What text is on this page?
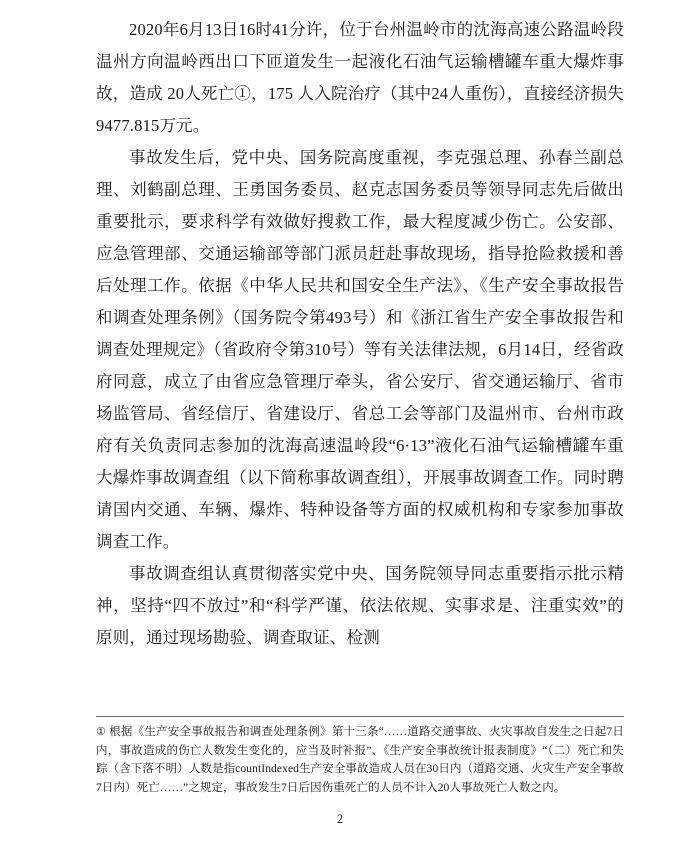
2020年6月13日16时41分许，位于台州温岭市的沈海高速公路温岭段温州方向温岭西出口下匝道发生一起液化石油气运输槽罐车重大爆炸事故，造成 20人死亡①，175 人入院治疗（其中24人重伤），直接经济损失9477.815万元。

事故发生后，党中央、国务院高度重视，李克强总理、孙春兰副总理、刘鹤副总理、王勇国务委员、赵克志国务委员等领导同志先后做出重要批示，要求科学有效做好搜救工作，最大程度减少伤亡。公安部、应急管理部、交通运输部等部门派员赶赴事故现场，指导抢险救援和善后处理工作。依据《中华人民共和国安全生产法》、《生产安全事故报告和调查处理条例》（国务院令第493号）和《浙江省生产安全事故报告和调查处理规定》（省政府令第310号）等有关法律法规，6月14日，经省政府同意，成立了由省应急管理厅牵头，省公安厅、省交通运输厅、省市场监管局、省经信厅、省建设厅、省总工会等部门及温州市、台州市政府有关负责同志参加的沈海高速温岭段“6·13”液化石油气运输槽罐车重大爆炸事故调查组（以下简称事故调查组），开展事故调查工作。同时聘请国内交通、车辆、爆炸、特种设备等方面的权威机构和专家参加事故调查工作。

事故调查组认真贯彻落实党中央、国务院领导同志重要指示批示精神，坚持“四不放过”和“科学严谨、依法依规、实事求是、注重实效”的原则，通过现场勘验、调查取证、检测

① 根据《生产安全事故报告和调查处理条例》第十三条“……道路交通事故、火灾事故自发生之日起7日内，事故造成的伤亡人数发生变化的，应当及时补报”、《生产安全事故统计报表制度》“（二）死亡和失踪（含下落不明）人数是指countIndexed生产安全事故造成人员在30日内（道路交通、火灾生产安全事故7日内）死亡……”之规定，事故发生7日后因伤重死亡的人员不计入20人事故死亡人数之内。

2
